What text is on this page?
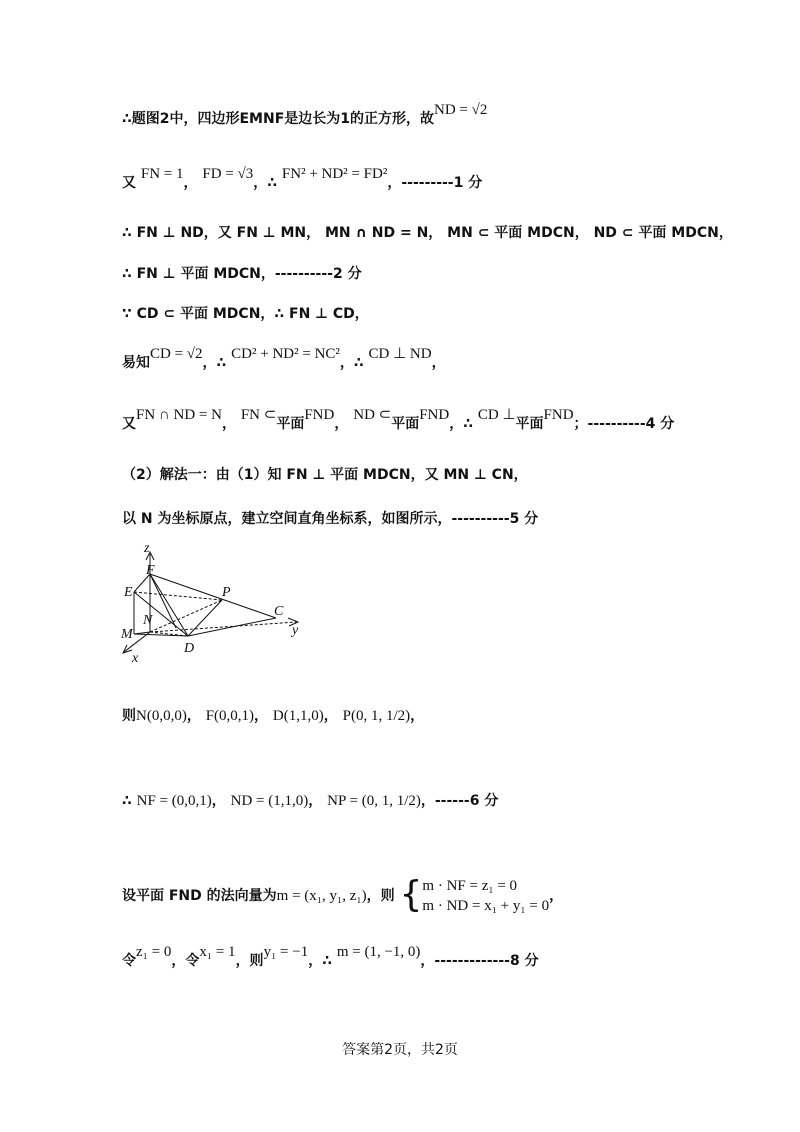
∴题图2中，四边形EMNF是边长为1的正方形，故ND = √2
又 FN = 1， FD = √3，∴ FN² + ND² = FD²，---------1 分
∴ FN ⊥ ND，又 FN ⊥ MN， MN ∩ ND = N， MN ⊂ 平面 MDCN， ND ⊂ 平面 MDCN，
∴ FN ⊥ 平面 MDCN，----------2 分
∵ CD ⊂ 平面 MDCN，∴ FN ⊥ CD，
易知CD = √2，∴ CD² + ND² = NC²，∴ CD ⊥ ND，
又FN ∩ ND = N， FN ⊂平面FND， ND ⊂平面FND，∴ CD ⊥平面FND；----------4 分
（2）解法一：由（1）知 FN ⊥ 平面 MDCN，又 MN ⊥ CN，
以 N 为坐标原点，建立空间直角坐标系，如图所示，----------5 分
z
F
E	P
N
C
y
M
D
x
则N(0,0,0)， F(0,0,1)， D(1,1,0)， P(0, 1, 1/2)，
∴ NF = (0,0,1)， ND = (1,1,0)， NP = (0, 1, 1/2)，------6 分
设平面 FND 的法向量为m = (x₁, y₁, z₁)，则 { m · NF = z₁ = 0
m · ND = x₁ + y₁ = 0
，
令z₁ = 0，令x₁ = 1，则y₁ = −1，∴ m = (1, −1, 0)，-------------8 分
答案第2页，共2页
